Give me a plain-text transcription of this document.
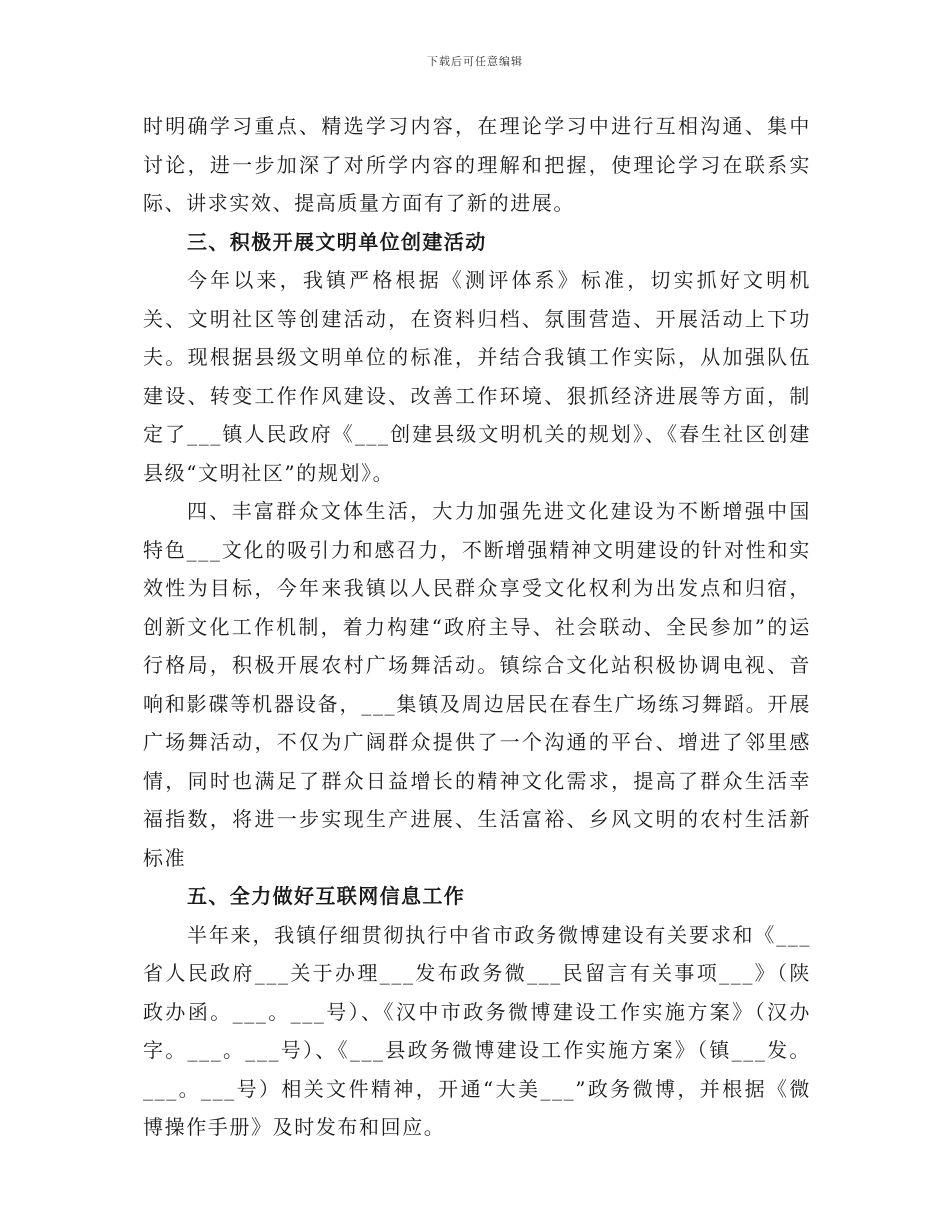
下载后可任意编辑

时明确学习重点、精选学习内容，在理论学习中进行互相沟通、集中讨论，进一步加深了对所学内容的理解和把握，使理论学习在联系实际、讲求实效、提高质量方面有了新的进展。

三、积极开展文明单位创建活动

今年以来，我镇严格根据《测评体系》标准，切实抓好文明机关、文明社区等创建活动，在资料归档、氛围营造、开展活动上下功夫。现根据县级文明单位的标准，并结合我镇工作实际，从加强队伍建设、转变工作作风建设、改善工作环境、狠抓经济进展等方面，制定了___镇人民政府《___创建县级文明机关的规划》、《春生社区创建县级“文明社区”的规划》。

四、丰富群众文体生活，大力加强先进文化建设为不断增强中国特色___文化的吸引力和感召力，不断增强精神文明建设的针对性和实效性为目标，今年来我镇以人民群众享受文化权利为出发点和归宿，创新文化工作机制，着力构建“政府主导、社会联动、全民参加”的运行格局，积极开展农村广场舞活动。镇综合文化站积极协调电视、音响和影碟等机器设备，___集镇及周边居民在春生广场练习舞蹈。开展广场舞活动，不仅为广阔群众提供了一个沟通的平台、增进了邻里感情，同时也满足了群众日益增长的精神文化需求，提高了群众生活幸福指数，将进一步实现生产进展、生活富裕、乡风文明的农村生活新标准

五、全力做好互联网信息工作

半年来，我镇仔细贯彻执行中省市政务微博建设有关要求和《___省人民政府___关于办理___发布政务微___民留言有关事项___》（陕政办函。___。___号）、《汉中市政务微博建设工作实施方案》（汉办字。___。___号）、《___县政务微博建设工作实施方案》（镇___发。___。___号）相关文件精神，开通“大美___”政务微博，并根据《微博操作手册》及时发布和回应。
